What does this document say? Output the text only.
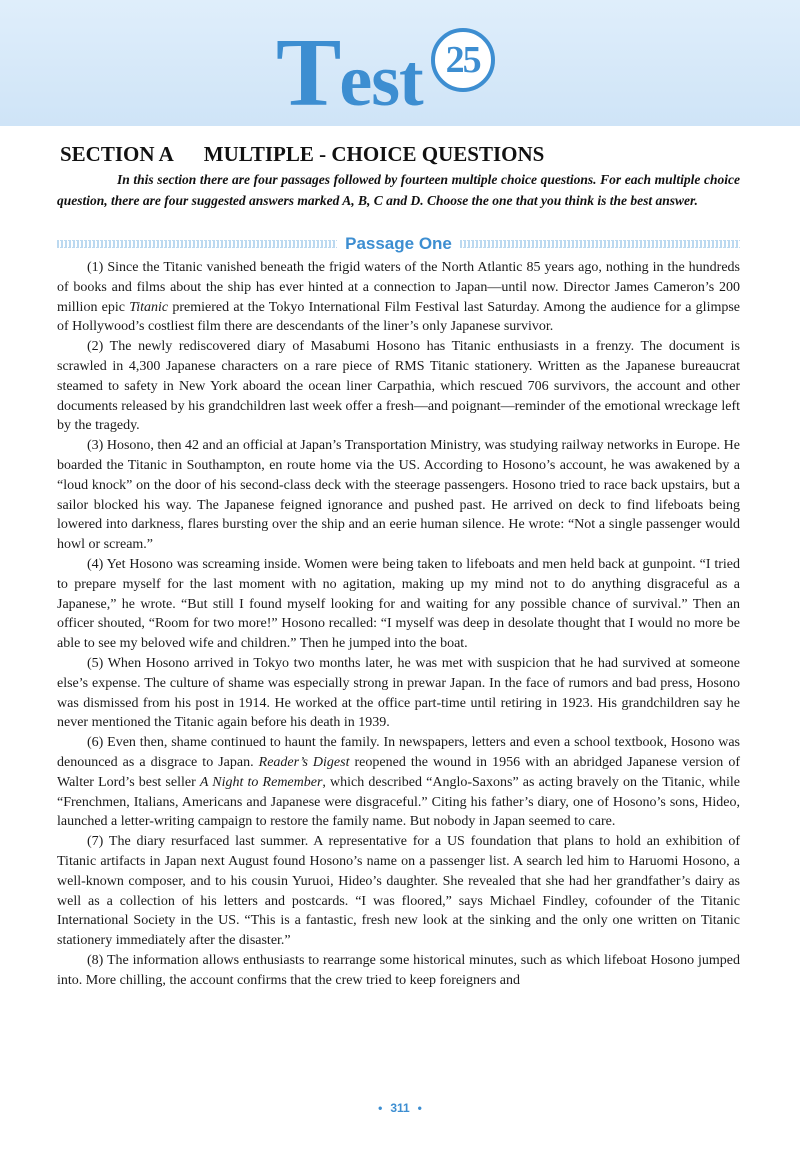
Test 25
SECTION A MULTIPLE - CHOICE QUESTIONS
In this section there are four passages followed by fourteen multiple choice questions. For each multiple choice question, there are four suggested answers marked A, B, C and D. Choose the one that you think is the best answer.
Passage One

(1) Since the Titanic vanished beneath the frigid waters of the North Atlantic 85 years ago, nothing in the hundreds of books and films about the ship has ever hinted at a connection to Japan—until now. Director James Cameron’s 200 million epic Titanic premiered at the Tokyo International Film Festival last Saturday. Among the audience for a glimpse of Hollywood’s costliest film there are descendants of the liner’s only Japanese survivor.

(2) The newly rediscovered diary of Masabumi Hosono has Titanic enthusiasts in a frenzy. The document is scrawled in 4,300 Japanese characters on a rare piece of RMS Titanic stationery. Written as the Japanese bureaucrat steamed to safety in New York aboard the ocean liner Carpathia, which rescued 706 survivors, the account and other documents released by his grandchildren last week offer a fresh—and poignant—reminder of the emotional wreckage left by the tragedy.

(3) Hosono, then 42 and an official at Japan’s Transportation Ministry, was studying railway networks in Europe. He boarded the Titanic in Southampton, en route home via the US. According to Hosono’s account, he was awakened by a “loud knock” on the door of his second-class deck with the steerage passengers. Hosono tried to race back upstairs, but a sailor blocked his way. The Japanese feigned ignorance and pushed past. He arrived on deck to find lifeboats being lowered into darkness, flares bursting over the ship and an eerie human silence. He wrote: “Not a single passenger would howl or scream.”

(4) Yet Hosono was screaming inside. Women were being taken to lifeboats and men held back at gunpoint. “I tried to prepare myself for the last moment with no agitation, making up my mind not to do anything disgraceful as a Japanese,” he wrote. “But still I found myself looking for and waiting for any possible chance of survival.” Then an officer shouted, “Room for two more!” Hosono recalled: “I myself was deep in desolate thought that I would no more be able to see my beloved wife and children.” Then he jumped into the boat.

(5) When Hosono arrived in Tokyo two months later, he was met with suspicion that he had survived at someone else’s expense. The culture of shame was especially strong in prewar Japan. In the face of rumors and bad press, Hosono was dismissed from his post in 1914. He worked at the office part-time until retiring in 1923. His grandchildren say he never mentioned the Titanic again before his death in 1939.

(6) Even then, shame continued to haunt the family. In newspapers, letters and even a school textbook, Hosono was denounced as a disgrace to Japan. Reader’s Digest reopened the wound in 1956 with an abridged Japanese version of Walter Lord’s best seller A Night to Remember, which described “Anglo-Saxons” as acting bravely on the Titanic, while “Frenchmen, Italians, Americans and Japanese were disgraceful.” Citing his father’s diary, one of Hosono’s sons, Hideo, launched a letter-writing campaign to restore the family name. But nobody in Japan seemed to care.

(7) The diary resurfaced last summer. A representative for a US foundation that plans to hold an exhibition of Titanic artifacts in Japan next August found Hosono’s name on a passenger list. A search led him to Haruomi Hosono, a well-known composer, and to his cousin Yuruoi, Hideo’s daughter. She revealed that she had her grandfather’s dairy as well as a collection of his letters and postcards. “I was floored,” says Michael Findley, cofounder of the Titanic International Society in the US. “This is a fantastic, fresh new look at the sinking and the only one written on Titanic stationery immediately after the disaster.”

(8) The information allows enthusiasts to rearrange some historical minutes, such as which lifeboat Hosono jumped into. More chilling, the account confirms that the crew tried to keep foreigners and

• 311 •
